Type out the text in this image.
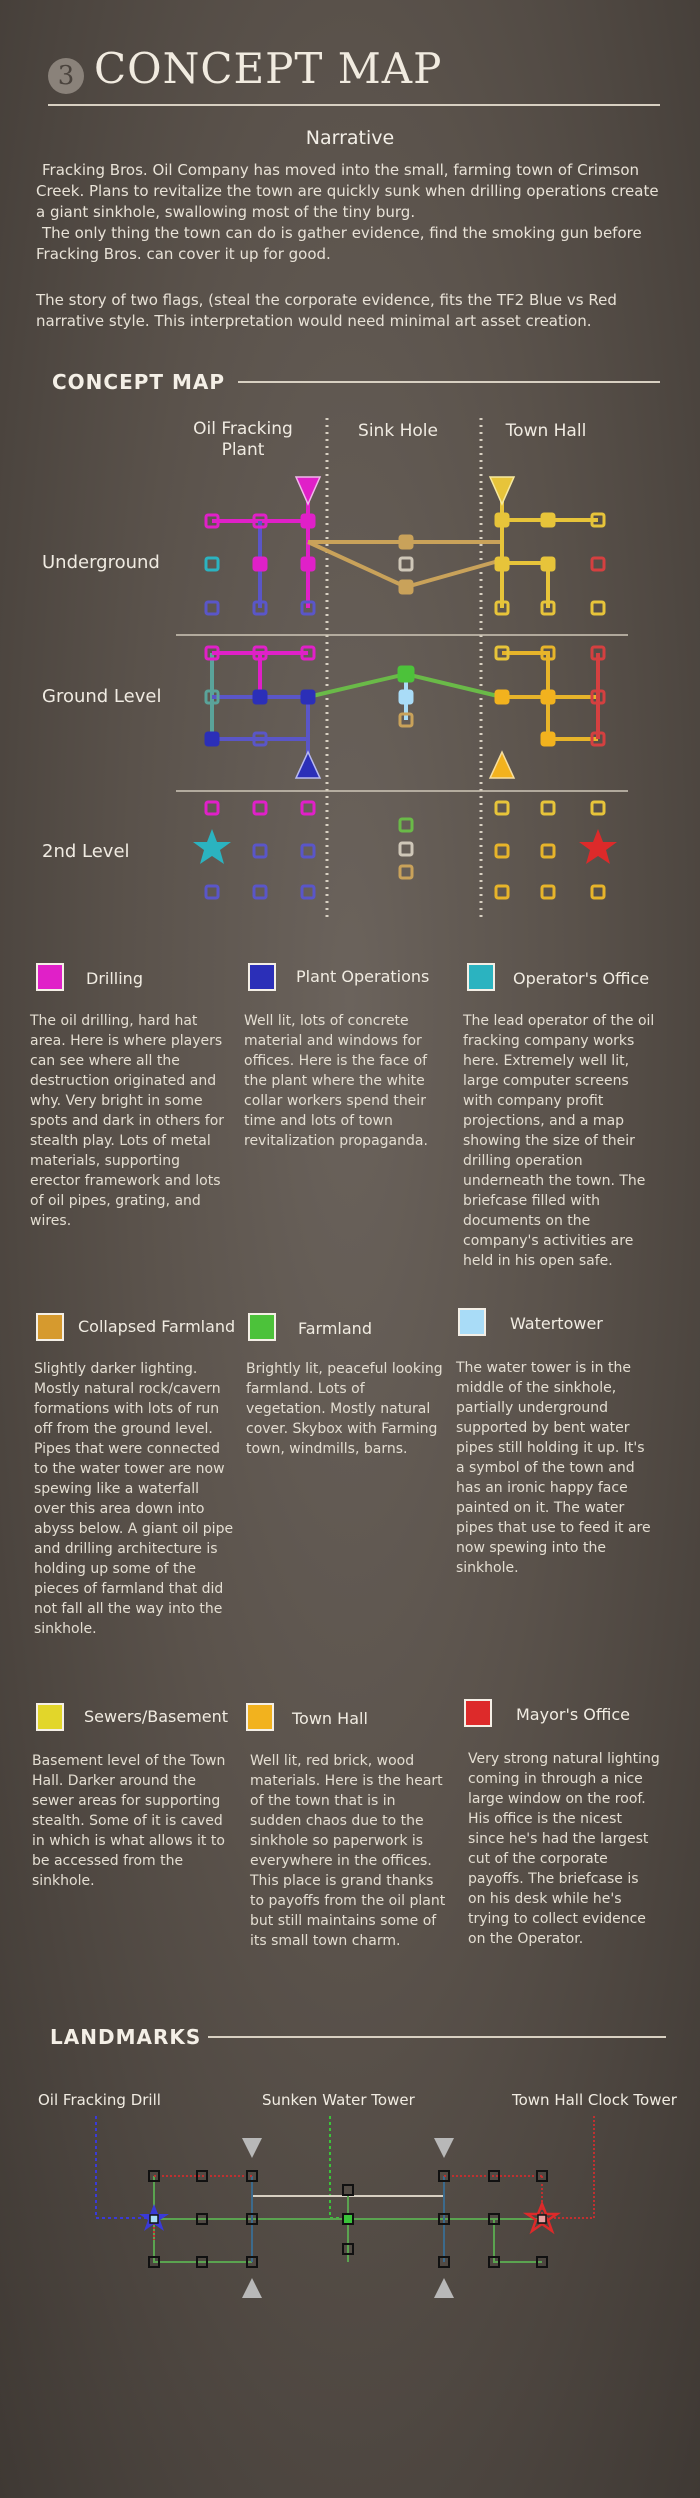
3 CONCEPT MAP
Narrative

Fracking Bros. Oil Company has moved into the small, farming town of Crimson Creek. Plans to revitalize the town are quickly sunk when drilling operations create a giant sinkhole, swallowing most of the tiny burg.

The only thing the town can do is gather evidence, find the smoking gun before Fracking Bros. can cover it up for good.

The story of two flags, (steal the corporate evidence, fits the TF2 Blue vs Red narrative style. This interpretation would need minimal art asset creation.

CONCEPT MAP
Oil Fracking Plant
Sink Hole	Town Hall
Underground
Ground Level
2nd Level
Drilling

The oil drilling, hard hat area. Here is where players can see where all the destruction originated and why. Very bright in some spots and dark in others for stealth play. Lots of metal materials, supporting erector framework and lots of oil pipes, grating, and wires.

Plant Operations

Well lit, lots of concrete material and windows for offices. Here is the face of the plant where the white collar workers spend their time and lots of town revitalization propaganda.

Operator's Office

The lead operator of the oil fracking company works here. Extremely well lit, large computer screens with company profit projections, and a map showing the size of their drilling operation underneath the town. The briefcase filled with documents on the company's activities are held in his open safe.

Collapsed Farmland

Slightly darker lighting. Mostly natural rock/cavern formations with lots of run off from the ground level. Pipes that were connected to the water tower are now spewing like a waterfall over this area down into abyss below. A giant oil pipe and drilling architecture is holding up some of the pieces of farmland that did not fall all the way into the sinkhole.

Farmland

Brightly lit, peaceful looking farmland. Lots of vegetation. Mostly natural cover. Skybox with Farming town, windmills, barns.

Watertower

The water tower is in the middle of the sinkhole, partially underground supported by bent water pipes still holding it up. It's a symbol of the town and has an ironic happy face painted on it. The water pipes that use to feed it are now spewing into the sinkhole.

Sewers/Basement

Basement level of the Town Hall. Darker around the sewer areas for supporting stealth. Some of it is caved in which is what allows it to be accessed from the sinkhole.

Town Hall

Well lit, red brick, wood materials. Here is the heart of the town that is in sudden chaos due to the sinkhole so paperwork is everywhere in the offices. This place is grand thanks to payoffs from the oil plant but still maintains some of its small town charm.

Mayor's Office

Very strong natural lighting coming in through a nice large window on the roof. His office is the nicest since he's had the largest cut of the corporate payoffs. The briefcase is on his desk while he's trying to collect evidence on the Operator.

LANDMARKS
Oil Fracking Drill	Sunken Water Tower	Town Hall Clock Tower
